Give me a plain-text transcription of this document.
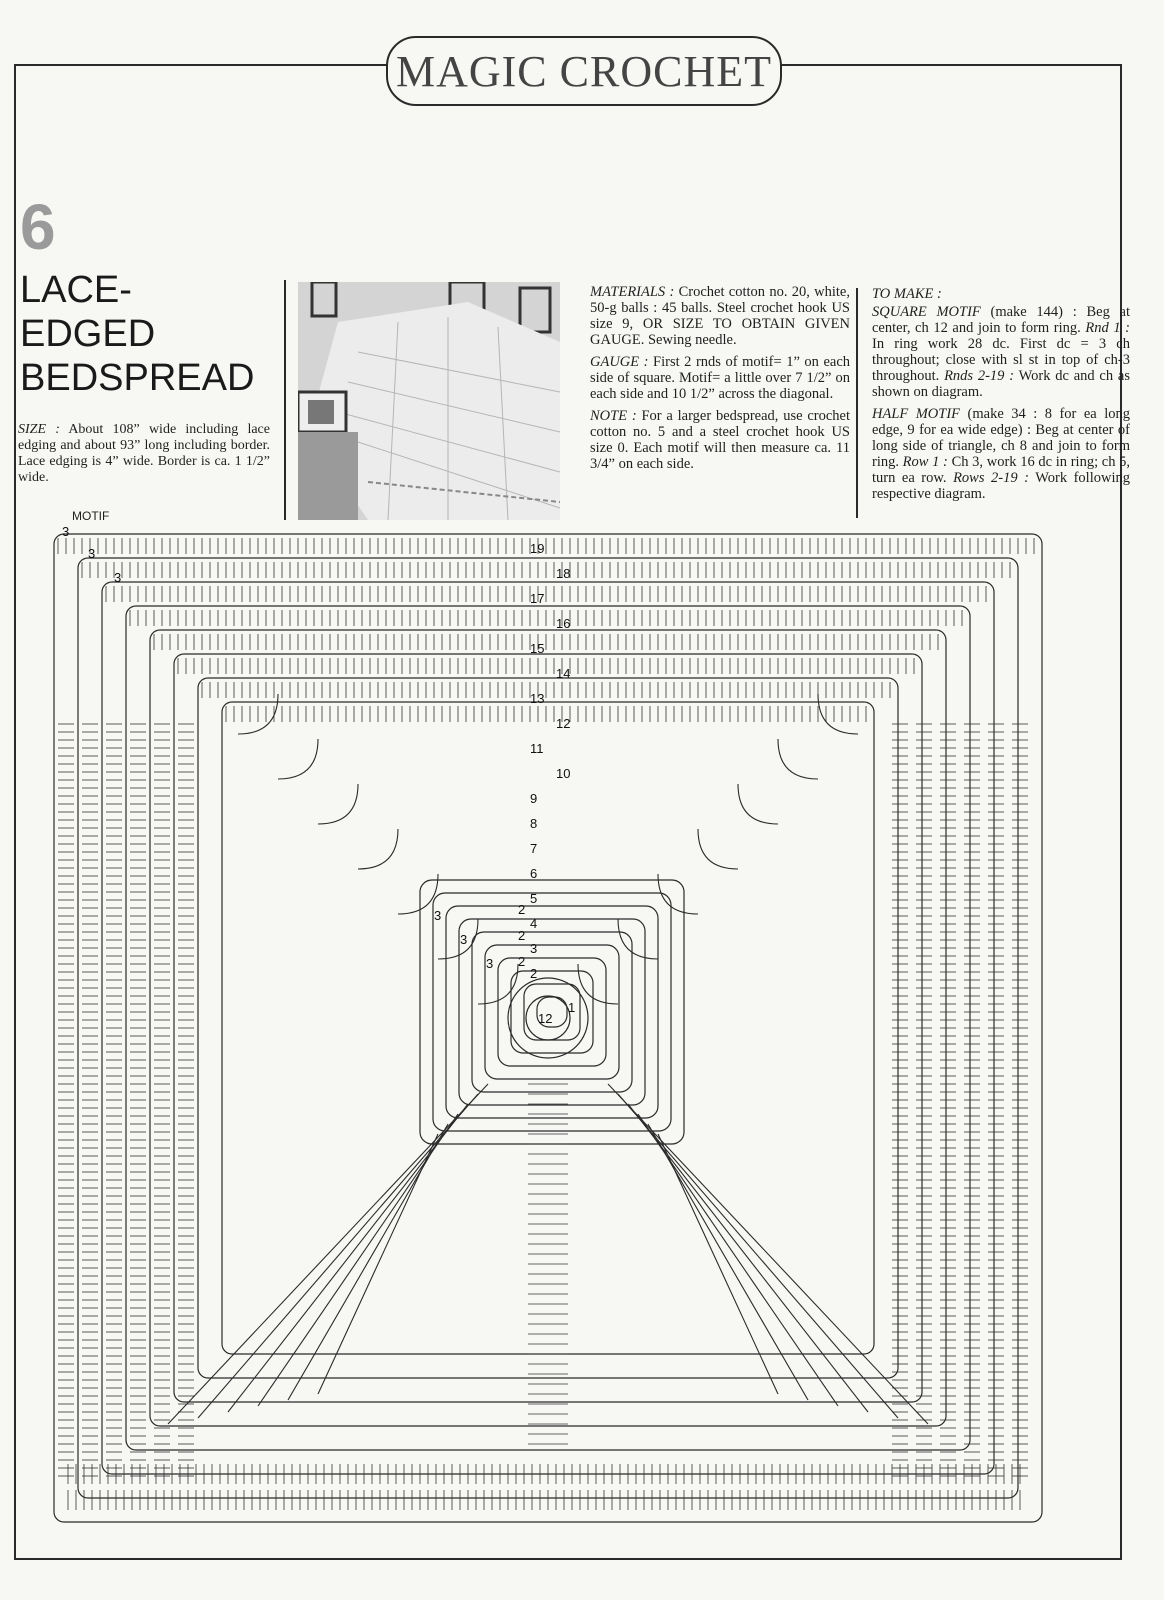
MAGIC CROCHET
6
LACE-
EDGED
BEDSPREAD
SIZE : About 108” wide including lace edging and about 93” long including border. Lace edging is 4” wide. Border is ca. 1 1/2” wide.

MATERIALS : Crochet cotton no. 20, white, 50-g balls : 45 balls. Steel crochet hook US size 9, OR SIZE TO OBTAIN GIVEN GAUGE. Sewing needle.

GAUGE : First 2 rnds of motif= 1” on each side of square. Motif= a little over 7 1/2” on each side and 10 1/2” across the diagonal.

NOTE : For a larger bedspread, use crochet cotton no. 5 and a steel crochet hook US size 0. Each motif will then measure ca. 11 3/4” on each side.

TO MAKE :

SQUARE MOTIF (make 144) : Beg at center, ch 12 and join to form ring. Rnd 1 : In ring work 28 dc. First dc = 3 ch throughout; close with sl st in top of ch-3 throughout. Rnds 2-19 : Work dc and ch as shown on diagram.

HALF MOTIF (make 34 : 8 for ea long edge, 9 for ea wide edge) : Beg at center of long side of triangle, ch 8 and join to form ring. Row 1 : Ch 3, work 16 dc in ring; ch 5, turn ea row. Rows 2-19 : Work following respective diagram.

MOTIF
2
3
4
5
6
7
8
9
10
11
12
13
14
15
16
17
18
19
1
12
2
2
2
3
3
3
3
3
3
